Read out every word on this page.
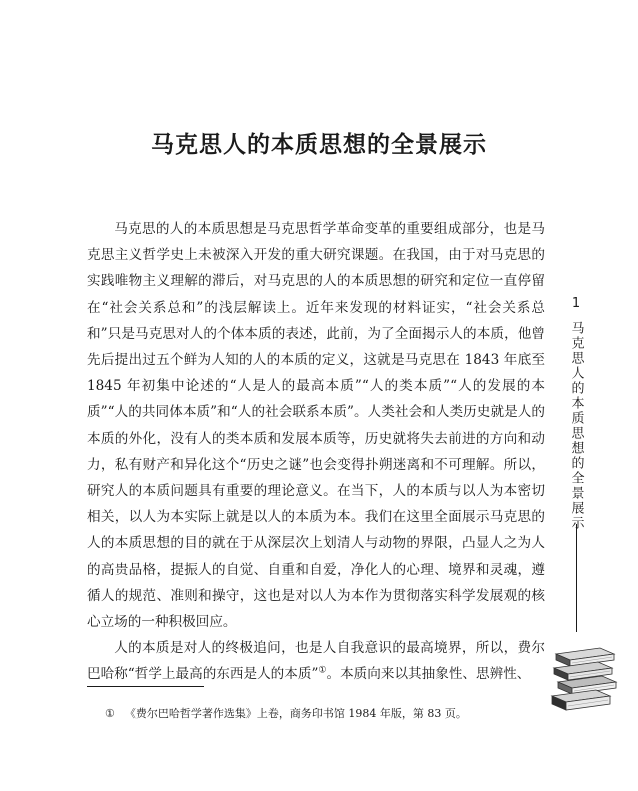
马克思人的本质思想的全景展示

马克思的人的本质思想是马克思哲学革命变革的重要组成部分，也是马克思主义哲学史上未被深入开发的重大研究课题。在我国，由于对马克思的实践唯物主义理解的滞后，对马克思的人的本质思想的研究和定位一直停留在“社会关系总和”的浅层解读上。近年来发现的材料证实，“社会关系总和”只是马克思对人的个体本质的表述，此前，为了全面揭示人的本质，他曾先后提出过五个鲜为人知的人的本质的定义，这就是马克思在 1843 年底至 1845 年初集中论述的“人是人的最高本质”“人的类本质”“人的发展的本质”“人的共同体本质”和“人的社会联系本质”。人类社会和人类历史就是人的本质的外化，没有人的类本质和发展本质等，历史就将失去前进的方向和动力，私有财产和异化这个“历史之谜”也会变得扑朔迷离和不可理解。所以，研究人的本质问题具有重要的理论意义。在当下，人的本质与以人为本密切相关，以人为本实际上就是以人的本质为本。我们在这里全面展示马克思的人的本质思想的目的就在于从深层次上划清人与动物的界限，凸显人之为人的高贵品格，提振人的自觉、自重和自爱，净化人的心理、境界和灵魂，遵循人的规范、准则和操守，这也是对以人为本作为贯彻落实科学发展观的核心立场的一种积极回应。

人的本质是对人的终极追问，也是人自我意识的最高境界，所以，费尔巴哈称“哲学上最高的东西是人的本质”①。本质向来以其抽象性、思辨性、

① 《费尔巴哈哲学著作选集》上卷，商务印书馆 1984 年版，第 83 页。
1
马克思人的本质思想的全景展示
